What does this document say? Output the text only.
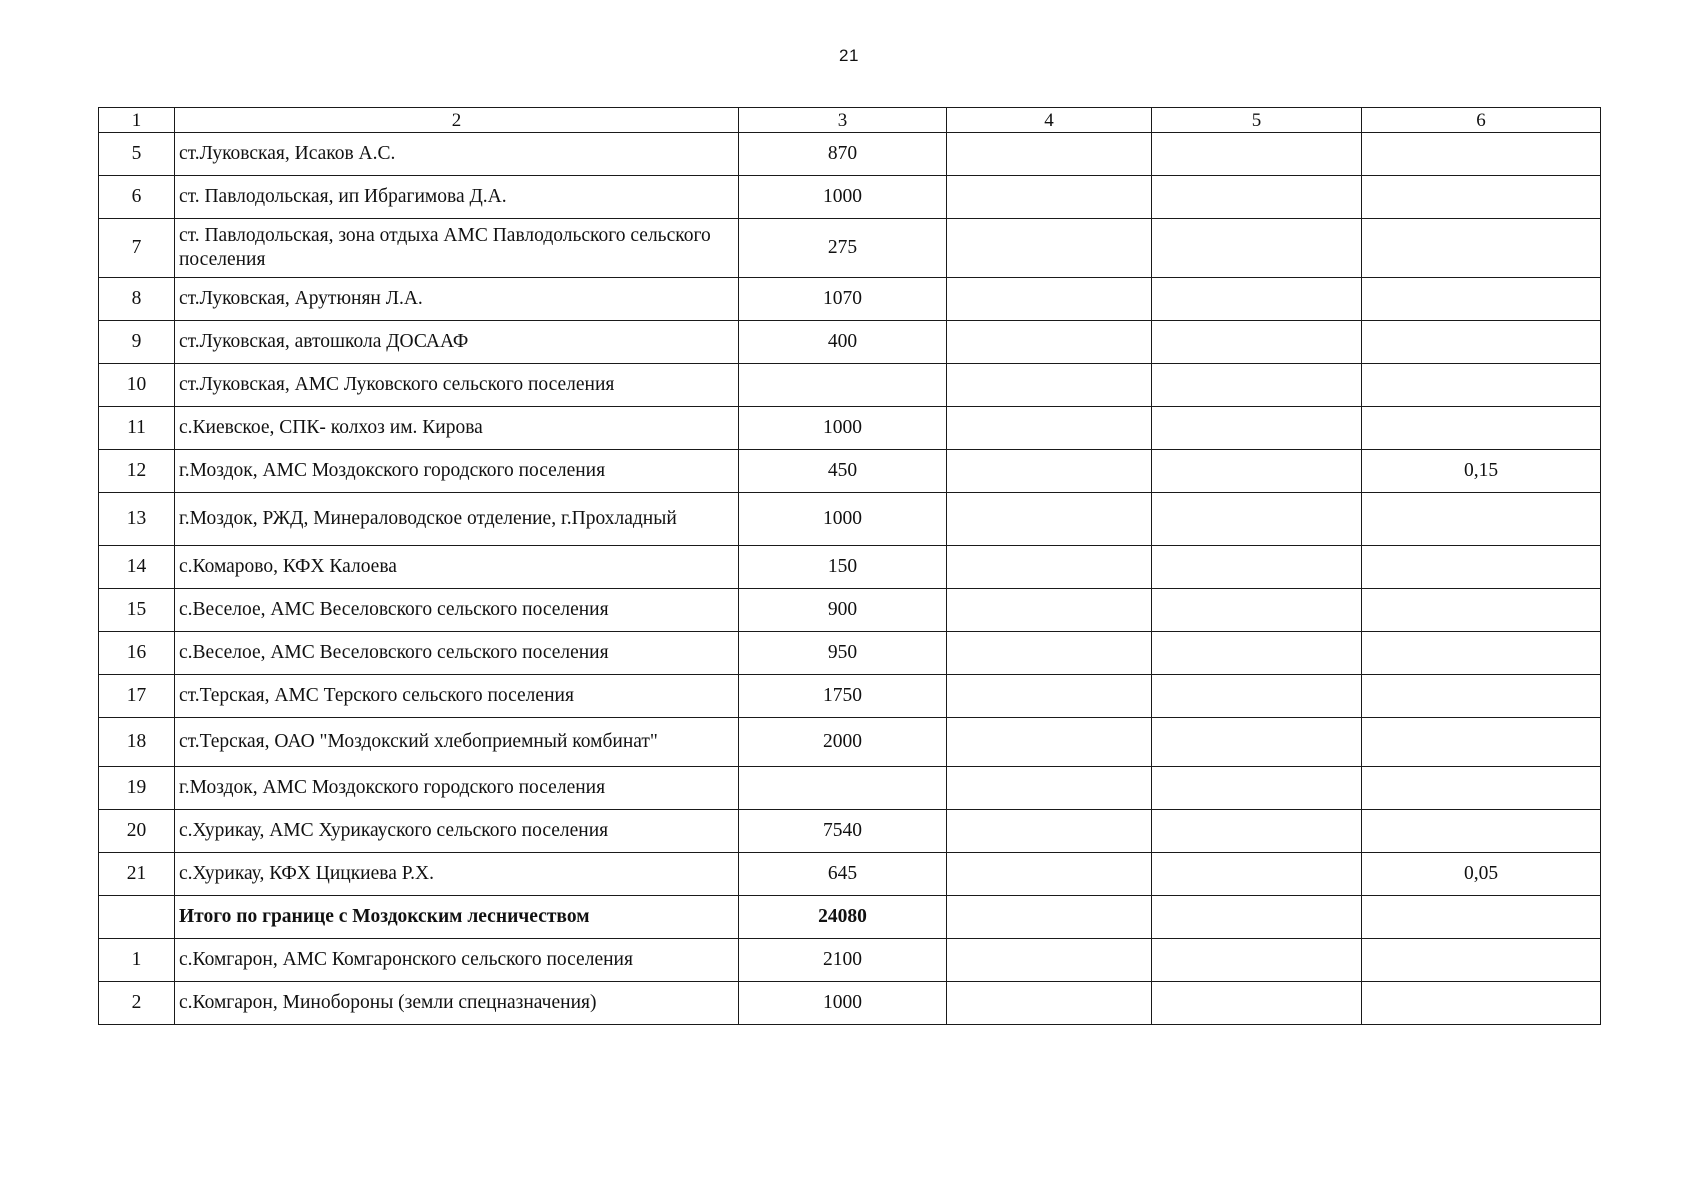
21
1	2	3	4	5	6
5	ст.Луковская, Исаков А.С.	870			
6	ст. Павлодольская, ип Ибрагимова Д.А.	1000			
7	ст. Павлодольская, зона отдыха АМС Павлодольского сельского поселения	275			
8	ст.Луковская, Арутюнян Л.А.	1070			
9	ст.Луковская, автошкола ДОСААФ	400			
10	ст.Луковская, АМС Луковского сельского поселения				
11	с.Киевское, СПК- колхоз им. Кирова	1000			
12	г.Моздок, АМС Моздокского городского поселения	450			0,15
13	г.Моздок, РЖД, Минераловодское отделение, г.Прохладный	1000			
14	с.Комарово, КФХ Калоева	150			
15	с.Веселое, АМС Веселовского сельского поселения	900			
16	с.Веселое, АМС Веселовского сельского поселения	950			
17	ст.Терская, АМС Терского сельского поселения	1750			
18	ст.Терская, ОАО "Моздокский хлебоприемный комбинат"	2000			
19	г.Моздок, АМС Моздокского городского поселения				
20	с.Хурикау, АМС Хурикауского сельского поселения	7540			
21	с.Хурикау, КФХ Цицкиева Р.Х.	645			0,05
	Итого по границе с Моздокским лесничеством	24080			
1	с.Комгарон, АМС Комгаронского сельского поселения	2100			
2	с.Комгарон, Минобороны (земли спецназначения)	1000			
